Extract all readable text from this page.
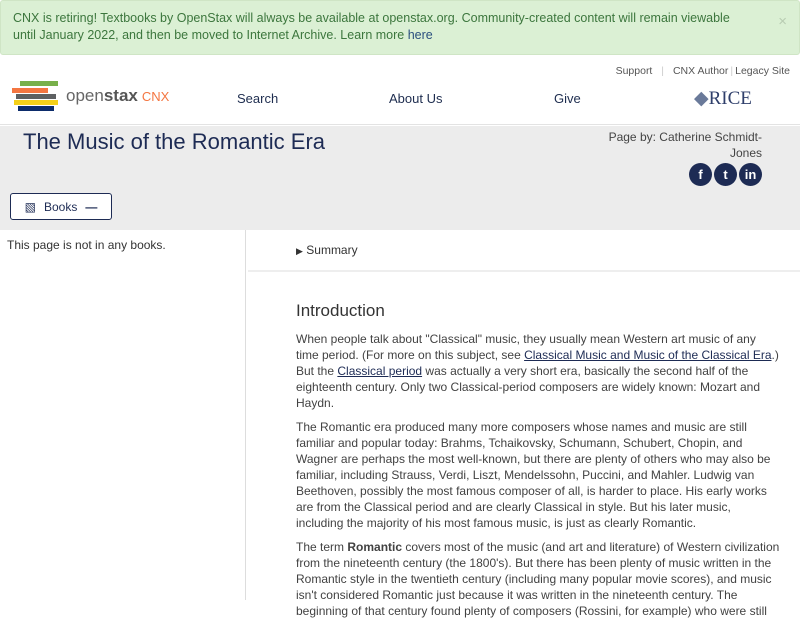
CNX is retiring! Textbooks by OpenStax will always be available at openstax.org. Community-created content will remain viewable until January 2022, and then be moved to Internet Archive. Learn more here
×
Support | CNX Author | Legacy Site
openstax CNX	Search	About Us	Give	◆RICE
The Music of the Romantic Era	Page by: Catherine Schmidt-Jones
f	t	in
▧ Books —
This page is not in any books.	▶ Summary
Introduction

When people talk about "Classical" music, they usually mean Western art music of any time period. (For more on this subject, see Classical Music and Music of the Classical Era.) But the Classical period was actually a very short era, basically the second half of the eighteenth century. Only two Classical-period composers are widely known: Mozart and Haydn.

The Romantic era produced many more composers whose names and music are still familiar and popular today: Brahms, Tchaikovsky, Schumann, Schubert, Chopin, and Wagner are perhaps the most well-known, but there are plenty of others who may also be familiar, including Strauss, Verdi, Liszt, Mendelssohn, Puccini, and Mahler. Ludwig van Beethoven, possibly the most famous composer of all, is harder to place. His early works are from the Classical period and are clearly Classical in style. But his later music, including the majority of his most famous music, is just as clearly Romantic.

The term Romantic covers most of the music (and art and literature) of Western civilization from the nineteenth century (the 1800's). But there has been plenty of music written in the Romantic style in the twentieth century (including many popular movie scores), and music isn't considered Romantic just because it was written in the nineteenth century. The beginning of that century found plenty of composers (Rossini, for example) who were still
